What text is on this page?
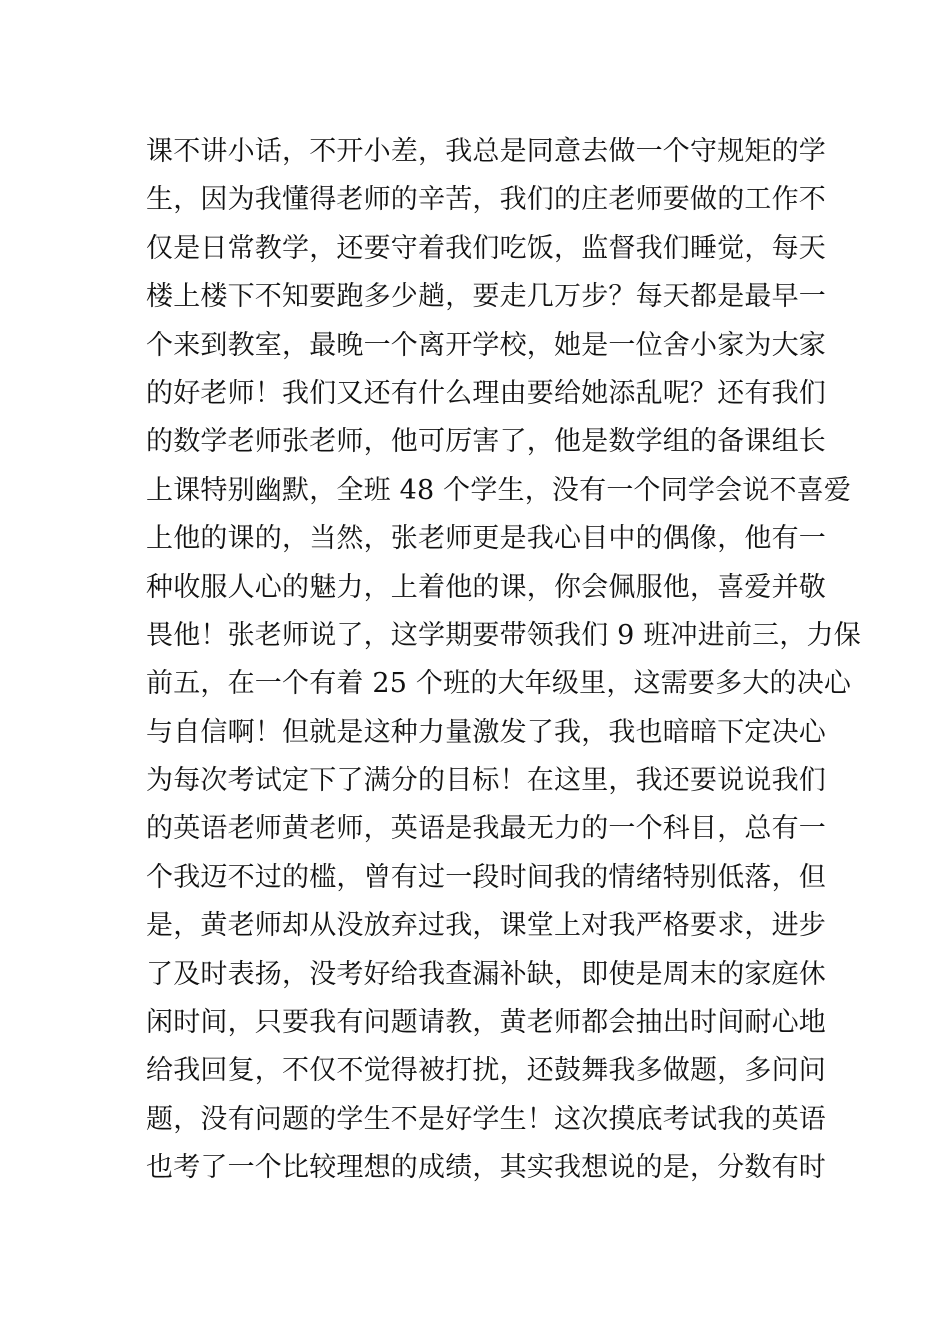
课不讲小话，不开小差，我总是同意去做一个守规矩的学
生，因为我懂得老师的辛苦，我们的庄老师要做的工作不
仅是日常教学，还要守着我们吃饭，监督我们睡觉，每天
楼上楼下不知要跑多少趟，要走几万步？每天都是最早一
个来到教室，最晚一个离开学校，她是一位舍小家为大家
的好老师！我们又还有什么理由要给她添乱呢？还有我们
的数学老师张老师，他可厉害了，他是数学组的备课组长
上课特别幽默，全班 48 个学生，没有一个同学会说不喜爱
上他的课的，当然，张老师更是我心目中的偶像，他有一
种收服人心的魅力，上着他的课，你会佩服他，喜爱并敬
畏他！张老师说了，这学期要带领我们 9 班冲进前三，力保
前五，在一个有着 25 个班的大年级里，这需要多大的决心
与自信啊！但就是这种力量激发了我，我也暗暗下定决心
为每次考试定下了满分的目标！在这里，我还要说说我们
的英语老师黄老师，英语是我最无力的一个科目，总有一
个我迈不过的槛，曾有过一段时间我的情绪特别低落，但
是，黄老师却从没放弃过我，课堂上对我严格要求，进步
了及时表扬，没考好给我查漏补缺，即使是周末的家庭休
闲时间，只要我有问题请教，黄老师都会抽出时间耐心地
给我回复，不仅不觉得被打扰，还鼓舞我多做题，多问问
题，没有问题的学生不是好学生！这次摸底考试我的英语
也考了一个比较理想的成绩，其实我想说的是，分数有时
